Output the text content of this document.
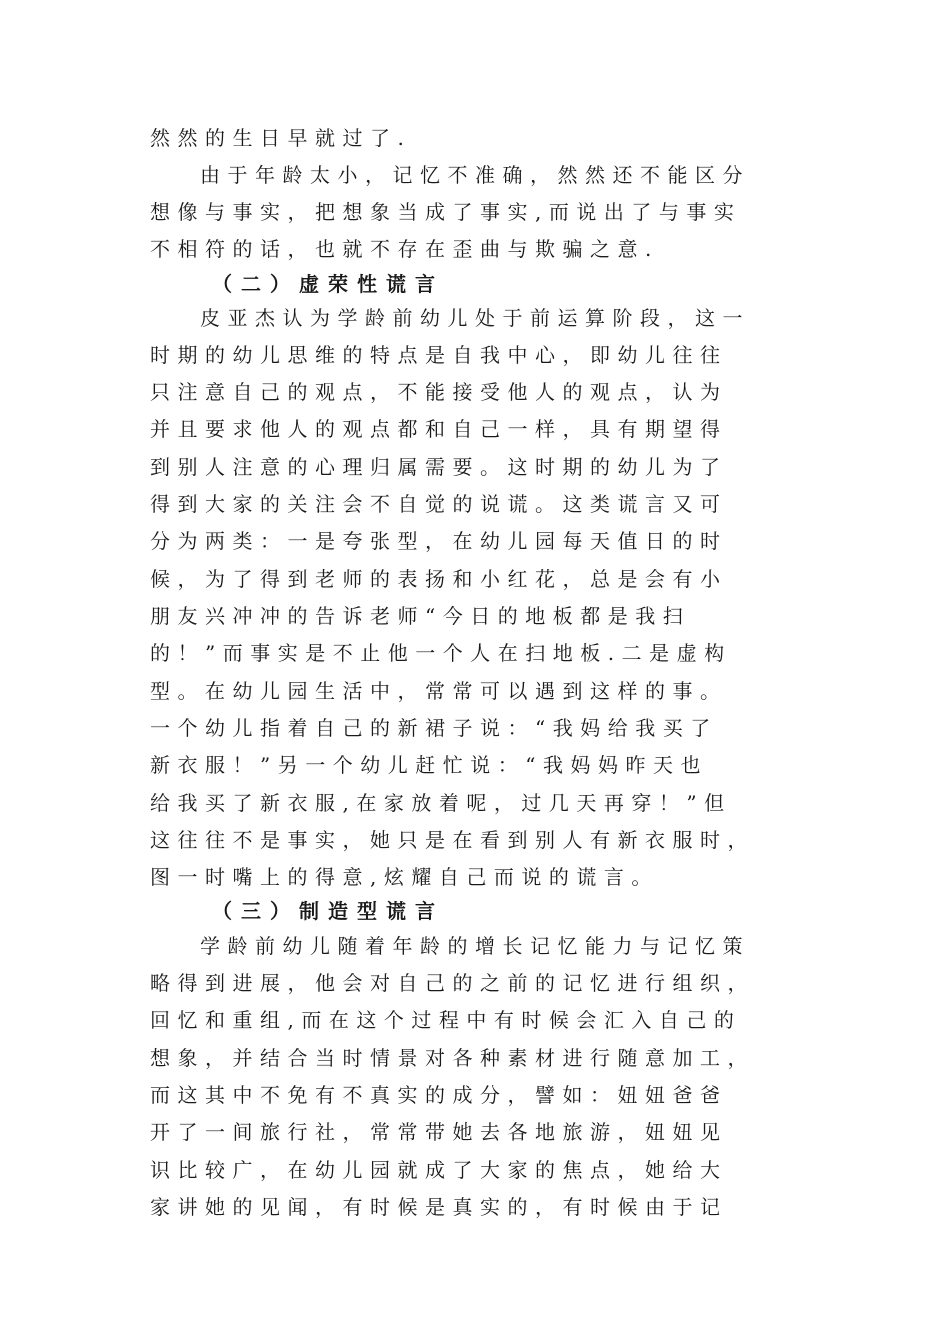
然然的生日早就过了.
由于年龄太小，记忆不准确，然然还不能区分
想像与事实，把想象当成了事实,而说出了与事实
不相符的话，也就不存在歪曲与欺骗之意.
（二）虚荣性谎言
皮亚杰认为学龄前幼儿处于前运算阶段，这一
时期的幼儿思维的特点是自我中心，即幼儿往往
只注意自己的观点，不能接受他人的观点，认为
并且要求他人的观点都和自己一样，具有期望得
到别人注意的心理归属需要。这时期的幼儿为了
得到大家的关注会不自觉的说谎。这类谎言又可
分为两类：一是夸张型，在幼儿园每天值日的时
候，为了得到老师的表扬和小红花，总是会有小
朋友兴冲冲的告诉老师“今日的地板都是我扫
的！”而事实是不止他一个人在扫地板.二是虚构
型。在幼儿园生活中，常常可以遇到这样的事。
一个幼儿指着自己的新裙子说：“我妈给我买了
新衣服！”另一个幼儿赶忙说：“我妈妈昨天也
给我买了新衣服,在家放着呢，过几天再穿！”但
这往往不是事实，她只是在看到别人有新衣服时，
图一时嘴上的得意,炫耀自己而说的谎言。
（三）制造型谎言
学龄前幼儿随着年龄的增长记忆能力与记忆策
略得到进展，他会对自己的之前的记忆进行组织，
回忆和重组,而在这个过程中有时候会汇入自己的
想象，并结合当时情景对各种素材进行随意加工，
而这其中不免有不真实的成分，譬如：妞妞爸爸
开了一间旅行社，常常带她去各地旅游，妞妞见
识比较广，在幼儿园就成了大家的焦点，她给大
家讲她的见闻，有时候是真实的，有时候由于记
